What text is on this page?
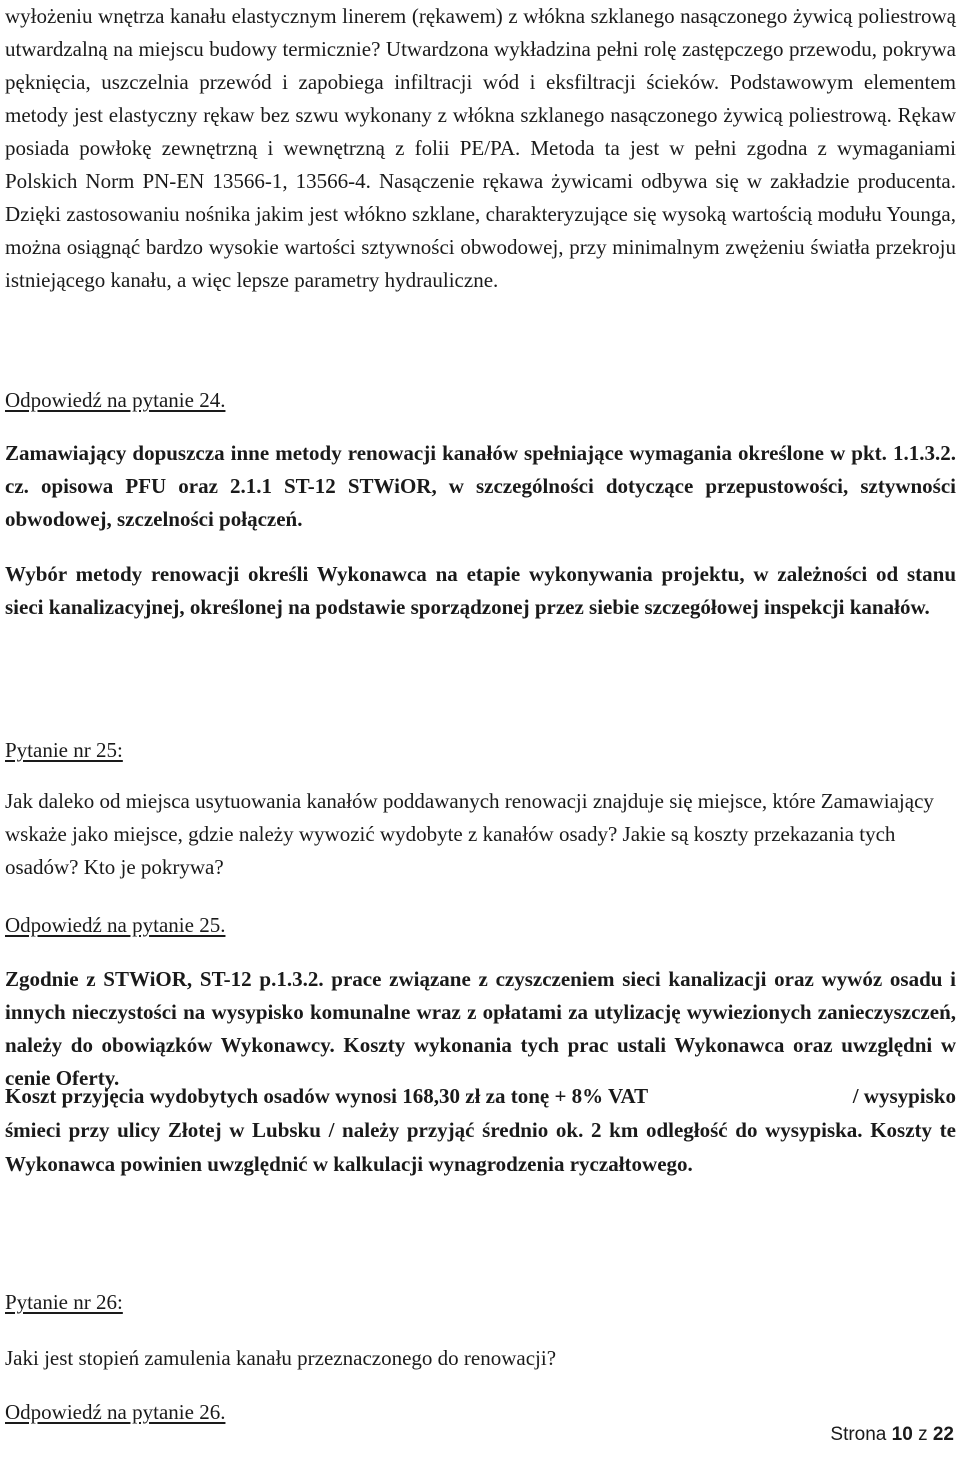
wyłożeniu wnętrza kanału elastycznym linerem (rękawem) z włókna szklanego nasączonego żywicą poliestrową utwardzalną na miejscu budowy termicznie? Utwardzona wykładzina pełni rolę zastępczego przewodu, pokrywa pęknięcia, uszczelnia przewód i zapobiega infiltracji wód i eksfiltracji ścieków. Podstawowym elementem metody jest elastyczny rękaw bez szwu wykonany z włókna szklanego nasączonego żywicą poliestrową. Rękaw posiada powłokę zewnętrzną i wewnętrzną z folii PE/PA. Metoda ta jest w pełni zgodna z wymaganiami Polskich Norm PN-EN 13566-1, 13566-4. Nasączenie rękawa żywicami odbywa się w zakładzie producenta. Dzięki zastosowaniu nośnika jakim jest włókno szklane, charakteryzujące się wysoką wartością modułu Younga, można osiągnąć bardzo wysokie wartości sztywności obwodowej, przy minimalnym zwężeniu światła przekroju istniejącego kanału, a więc lepsze parametry hydrauliczne.

Odpowiedź na pytanie 24.

Zamawiający dopuszcza inne metody renowacji kanałów spełniające wymagania określone w pkt. 1.1.3.2. cz. opisowa PFU oraz 2.1.1 ST-12 STWiOR, w szczególności dotyczące przepustowości, sztywności obwodowej, szczelności połączeń.

Wybór metody renowacji określi Wykonawca na etapie wykonywania projektu, w zależności od stanu sieci kanalizacyjnej, określonej na podstawie sporządzonej przez siebie szczegółowej inspekcji kanałów.

Pytanie nr 25:

Jak daleko od miejsca usytuowania kanałów poddawanych renowacji znajduje się miejsce, które Zamawiający wskaże jako miejsce, gdzie należy wywozić wydobyte z kanałów osady? Jakie są koszty przekazania tych osadów? Kto je pokrywa?

Odpowiedź na pytanie 25.

Zgodnie z STWiOR, ST-12 p.1.3.2. prace związane z czyszczeniem sieci kanalizacji oraz wywóz osadu i innych nieczystości na wysypisko komunalne wraz z opłatami za utylizację wywiezionych zanieczyszczeń, należy do obowiązków Wykonawcy. Koszty wykonania tych prac ustali Wykonawca oraz uwzględni w cenie Oferty.

Koszt przyjęcia wydobytych osadów wynosi 168,30 zł za tonę + 8% VAT	/ wysypisko
śmieci przy ulicy Złotej w Lubsku / należy przyjąć średnio ok. 2 km odległość do wysypiska. Koszty te Wykonawca powinien uwzględnić w kalkulacji wynagrodzenia ryczałtowego.

Pytanie nr 26:

Jaki jest stopień zamulenia kanału przeznaczonego do renowacji?

Odpowiedź na pytanie 26.

Strona 10 z 22
